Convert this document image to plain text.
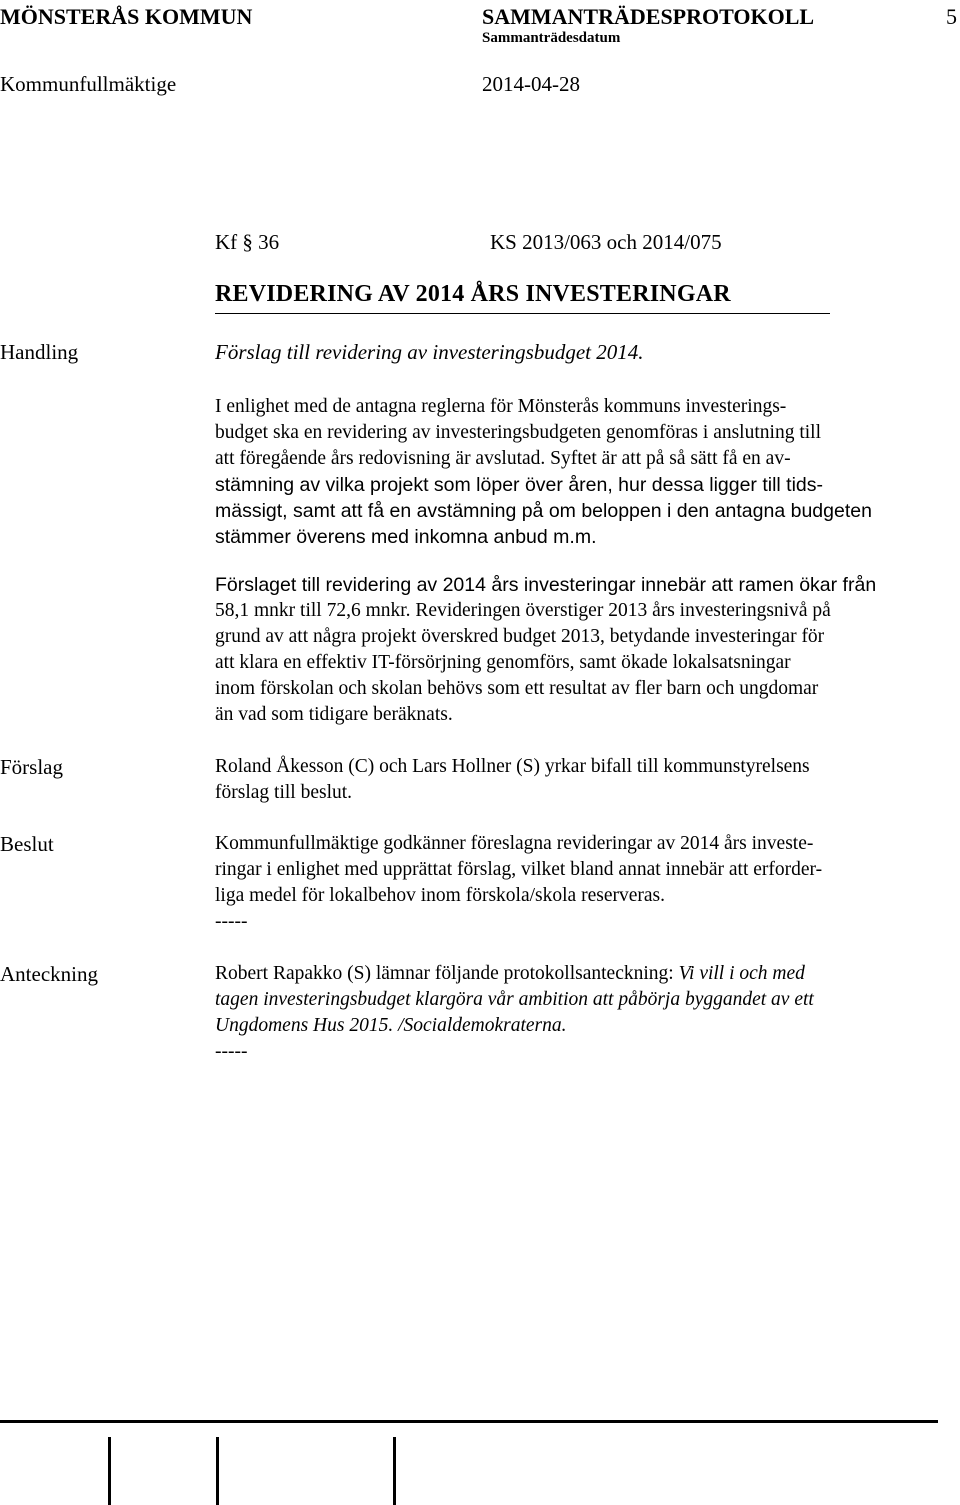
MÖNSTERÅS KOMMUN	SAMMANTRÄDESPROTOKOLL	5
Sammanträdesdatum
Kommunfullmäktige	2014-04-28
Kf § 36	KS 2013/063 och 2014/075
REVIDERING AV 2014 ÅRS INVESTERINGAR
Handling	Förslag till revidering av investeringsbudget 2014.
I enlighet med de antagna reglerna för Mönsterås kommuns investerings-
budget ska en revidering av investeringsbudgeten genomföras i anslutning till
att föregående års redovisning är avslutad. Syftet är att på så sätt få en av-
stämning av vilka projekt som löper över åren, hur dessa ligger till tids-
mässigt, samt att få en avstämning på om beloppen i den antagna budgeten
stämmer överens med inkomna anbud m.m.
Förslaget till revidering av 2014 års investeringar innebär att ramen ökar från
58,1 mnkr till 72,6 mnkr. Revideringen överstiger 2013 års investeringsnivå på
grund av att några projekt överskred budget 2013, betydande investeringar för
att klara en effektiv IT-försörjning genomförs, samt ökade lokalsatsningar
inom förskolan och skolan behövs som ett resultat av fler barn och ungdomar
än vad som tidigare beräknats.
Förslag	Roland Åkesson (C) och Lars Hollner (S) yrkar bifall till kommunstyrelsens
förslag till beslut.
Beslut	Kommunfullmäktige godkänner föreslagna revideringar av 2014 års investe-
ringar i enlighet med upprättat förslag, vilket bland annat innebär att erforder-
liga medel för lokalbehov inom förskola/skola reserveras.
-----
Anteckning	Robert Rapakko (S) lämnar följande protokollsanteckning: Vi vill i och med
tagen investeringsbudget klargöra vår ambition att påbörja byggandet av ett
Ungdomens Hus 2015. /Socialdemokraterna.
-----
